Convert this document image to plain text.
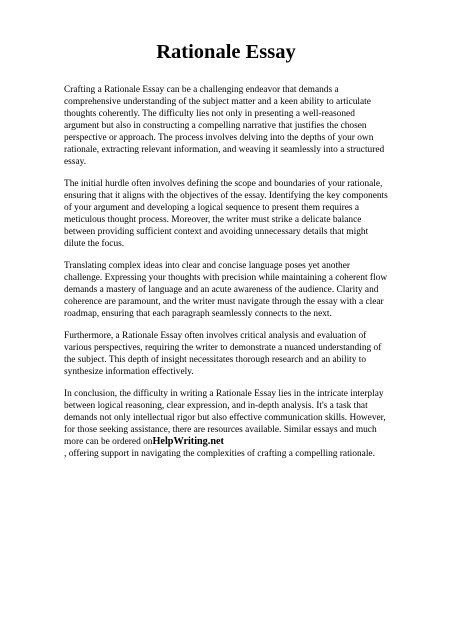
Rationale Essay

Crafting a Rationale Essay can be a challenging endeavor that demands a comprehensive understanding of the subject matter and a keen ability to articulate thoughts coherently. The difficulty lies not only in presenting a well-reasoned argument but also in constructing a compelling narrative that justifies the chosen perspective or approach. The process involves delving into the depths of your own rationale, extracting relevant information, and weaving it seamlessly into a structured essay.

The initial hurdle often involves defining the scope and boundaries of your rationale, ensuring that it aligns with the objectives of the essay. Identifying the key components of your argument and developing a logical sequence to present them requires a meticulous thought process. Moreover, the writer must strike a delicate balance between providing sufficient context and avoiding unnecessary details that might dilute the focus.

Translating complex ideas into clear and concise language poses yet another challenge. Expressing your thoughts with precision while maintaining a coherent flow demands a mastery of language and an acute awareness of the audience. Clarity and coherence are paramount, and the writer must navigate through the essay with a clear roadmap, ensuring that each paragraph seamlessly connects to the next.

Furthermore, a Rationale Essay often involves critical analysis and evaluation of various perspectives, requiring the writer to demonstrate a nuanced understanding of the subject. This depth of insight necessitates thorough research and an ability to synthesize information effectively.

In conclusion, the difficulty in writing a Rationale Essay lies in the intricate interplay between logical reasoning, clear expression, and in-depth analysis. It's a task that demands not only intellectual rigor but also effective communication skills. However, for those seeking assistance, there are resources available. Similar essays and much more can be ordered onHelpWriting.net
, offering support in navigating the complexities of crafting a compelling rationale.
